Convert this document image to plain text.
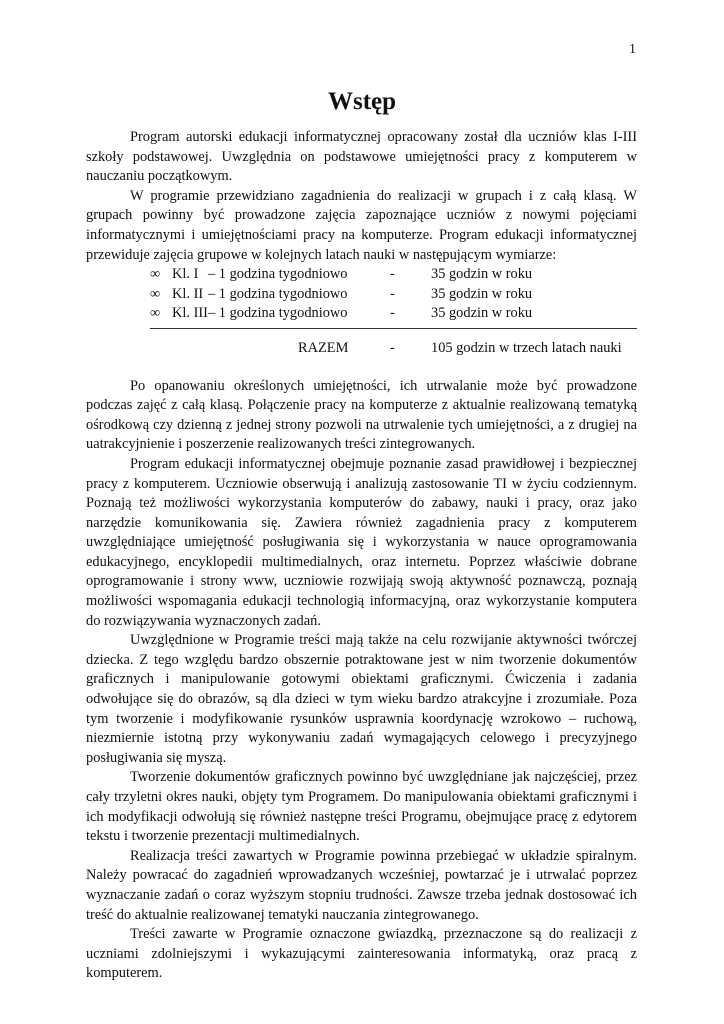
1
Wstęp

Program autorski edukacji informatycznej opracowany został dla uczniów klas I-III szkoły podstawowej. Uwzględnia on podstawowe umiejętności pracy z komputerem w nauczaniu początkowym.

W programie przewidziano zagadnienia do realizacji w grupach i z całą klasą. W grupach powinny być prowadzone zajęcia zapoznające uczniów z nowymi pojęciami informatycznymi i umiejętnościami pracy na komputerze. Program edukacji informatycznej przewiduje zajęcia grupowe w kolejnych latach nauki w następującym wymiarze:

∞ Kl. I – 1 godzina tygodniowo	-	35 godzin w roku
∞ Kl. II – 1 godzina tygodniowo	-	35 godzin w roku
∞ Kl. III – 1 godzina tygodniowo	-	35 godzin w roku
RAZEM	-	105 godzin w trzech latach nauki

Po opanowaniu określonych umiejętności, ich utrwalanie może być prowadzone podczas zajęć z całą klasą. Połączenie pracy na komputerze z aktualnie realizowaną tematyką ośrodkową czy dzienną z jednej strony pozwoli na utrwalenie tych umiejętności, a z drugiej na uatrakcyjnienie i poszerzenie realizowanych treści zintegrowanych.

Program edukacji informatycznej obejmuje poznanie zasad prawidłowej i bezpiecznej pracy z komputerem. Uczniowie obserwują i analizują zastosowanie TI w życiu codziennym. Poznają też możliwości wykorzystania komputerów do zabawy, nauki i pracy, oraz jako narzędzie komunikowania się. Zawiera również zagadnienia pracy z komputerem uwzględniające umiejętność posługiwania się i wykorzystania w nauce oprogramowania edukacyjnego, encyklopedii multimedialnych, oraz internetu. Poprzez właściwie dobrane oprogramowanie i strony www, uczniowie rozwijają swoją aktywność poznawczą, poznają możliwości wspomagania edukacji technologią informacyjną, oraz wykorzystanie komputera do rozwiązywania wyznaczonych zadań.

Uwzględnione w Programie treści mają także na celu rozwijanie aktywności twórczej dziecka. Z tego względu bardzo obszernie potraktowane jest w nim tworzenie dokumentów graficznych i manipulowanie gotowymi obiektami graficznymi. Ćwiczenia i zadania odwołujące się do obrazów, są dla dzieci w tym wieku bardzo atrakcyjne i zrozumiałe. Poza tym tworzenie i modyfikowanie rysunków usprawnia koordynację wzrokowo – ruchową, niezmiernie istotną przy wykonywaniu zadań wymagających celowego i precyzyjnego posługiwania się myszą.

Tworzenie dokumentów graficznych powinno być uwzględniane jak najczęściej, przez cały trzyletni okres nauki, objęty tym Programem. Do manipulowania obiektami graficznymi i ich modyfikacji odwołują się również następne treści Programu, obejmujące pracę z edytorem tekstu i tworzenie prezentacji multimedialnych.

Realizacja treści zawartych w Programie powinna przebiegać w układzie spiralnym. Należy powracać do zagadnień wprowadzanych wcześniej, powtarzać je i utrwalać poprzez wyznaczanie zadań o coraz wyższym stopniu trudności. Zawsze trzeba jednak dostosować ich treść do aktualnie realizowanej tematyki nauczania zintegrowanego.

Treści zawarte w Programie oznaczone gwiazdką, przeznaczone są do realizacji z uczniami zdolniejszymi i wykazującymi zainteresowania informatyką, oraz pracą z komputerem.
